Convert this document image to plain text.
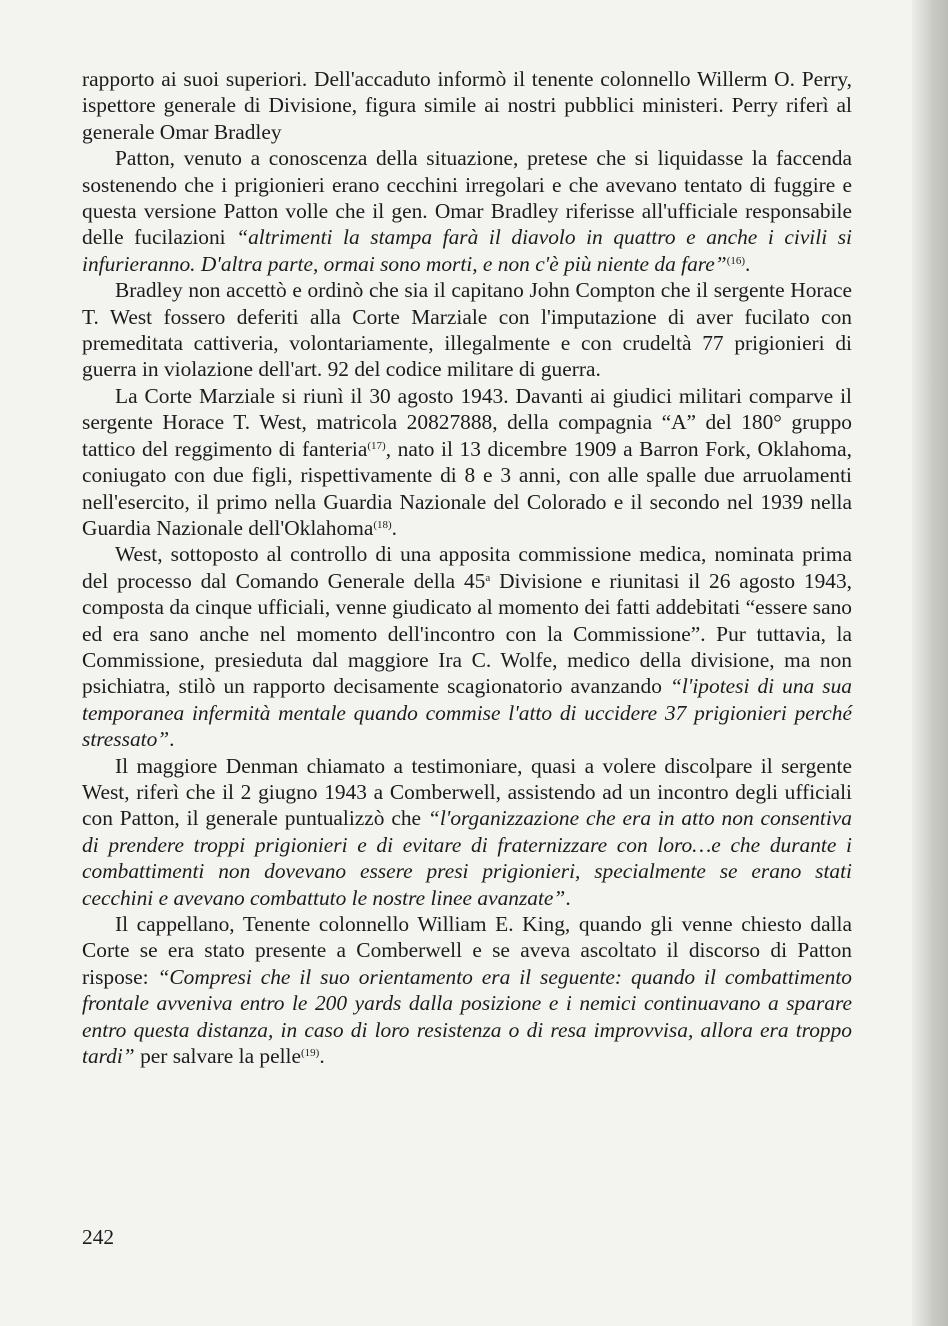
rapporto ai suoi superiori. Dell'accaduto informò il tenente colonnello Willerm O. Perry, ispettore generale di Divisione, figura simile ai nostri pubblici ministeri. Perry riferì al generale Omar Bradley

Patton, venuto a conoscenza della situazione, pretese che si liquidasse la faccenda sostenendo che i prigionieri erano cecchini irregolari e che avevano tentato di fuggire e questa versione Patton volle che il gen. Omar Bradley riferisse all'ufficiale responsabile delle fucilazioni “altrimenti la stampa farà il diavolo in quattro e anche i civili si infurieranno. D'altra parte, ormai sono morti, e non c'è più niente da fare”$^{(16)}$.

Bradley non accettò e ordinò che sia il capitano John Compton che il sergente Horace T. West fossero deferiti alla Corte Marziale con l'imputazione di aver fucilato con premeditata cattiveria, volontariamente, illegalmente e con crudeltà 77 prigionieri di guerra in violazione dell'art. 92 del codice militare di guerra.

La Corte Marziale si riunì il 30 agosto 1943. Davanti ai giudici militari comparve il sergente Horace T. West, matricola 20827888, della compagnia “A” del 180° gruppo tattico del reggimento di fanteria$^{(17)}$, nato il 13 dicembre 1909 a Barron Fork, Oklahoma, coniugato con due figli, rispettivamente di 8 e 3 anni, con alle spalle due arruolamenti nell'esercito, il primo nella Guardia Nazionale del Colorado e il secondo nel 1939 nella Guardia Nazionale dell'Oklahoma$^{(18)}$.

West, sottoposto al controllo di una apposita commissione medica, nominata prima del processo dal Comando Generale della 45$^a$ Divisione e riunitasi il 26 agosto 1943, composta da cinque ufficiali, venne giudicato al momento dei fatti addebitati “essere sano ed era sano anche nel momento dell'incontro con la Commissione”. Pur tuttavia, la Commissione, presieduta dal maggiore Ira C. Wolfe, medico della divisione, ma non psichiatra, stilò un rapporto decisamente scagionatorio avanzando “l'ipotesi di una sua temporanea infermità mentale quando commise l'atto di uccidere 37 prigionieri perché stressato”.

Il maggiore Denman chiamato a testimoniare, quasi a volere discolpare il sergente West, riferì che il 2 giugno 1943 a Comberwell, assistendo ad un incontro degli ufficiali con Patton, il generale puntualizzò che “l'organizzazione che era in atto non consentiva di prendere troppi prigionieri e di evitare di fraternizzare con loro…e che durante i combattimenti non dovevano essere presi prigionieri, specialmente se erano stati cecchini e avevano combattuto le nostre linee avanzate”.

Il cappellano, Tenente colonnello William E. King, quando gli venne chiesto dalla Corte se era stato presente a Comberwell e se aveva ascoltato il discorso di Patton rispose: “Compresi che il suo orientamento era il seguente: quando il combattimento frontale avveniva entro le 200 yards dalla posizione e i nemici continuavano a sparare entro questa distanza, in caso di loro resistenza o di resa improvvisa, allora era troppo tardi” per salvare la pelle$^{(19)}$.

242
